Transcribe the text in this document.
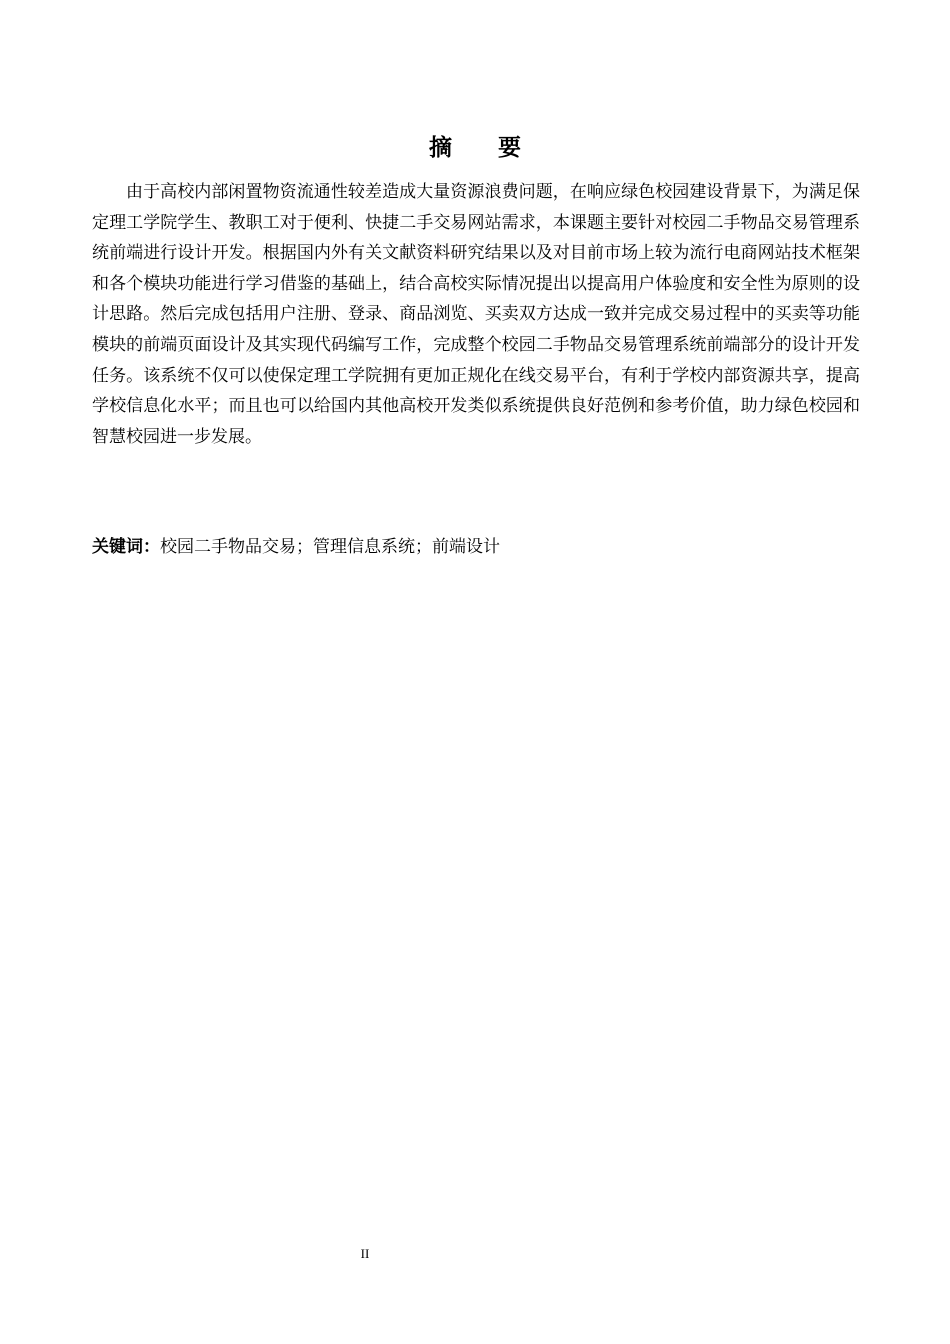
摘 要

由于高校内部闲置物资流通性较差造成大量资源浪费问题，在响应绿色校园建设背景下，为满足保定理工学院学生、教职工对于便利、快捷二手交易网站需求，本课题主要针对校园二手物品交易管理系统前端进行设计开发。根据国内外有关文献资料研究结果以及对目前市场上较为流行电商网站技术框架和各个模块功能进行学习借鉴的基础上，结合高校实际情况提出以提高用户体验度和安全性为原则的设计思路。然后完成包括用户注册、登录、商品浏览、买卖双方达成一致并完成交易过程中的买卖等功能模块的前端页面设计及其实现代码编写工作，完成整个校园二手物品交易管理系统前端部分的设计开发任务。该系统不仅可以使保定理工学院拥有更加正规化在线交易平台，有利于学校内部资源共享，提高学校信息化水平；而且也可以给国内其他高校开发类似系统提供良好范例和参考价值，助力绿色校园和智慧校园进一步发展。

关键词：校园二手物品交易；管理信息系统；前端设计

II
